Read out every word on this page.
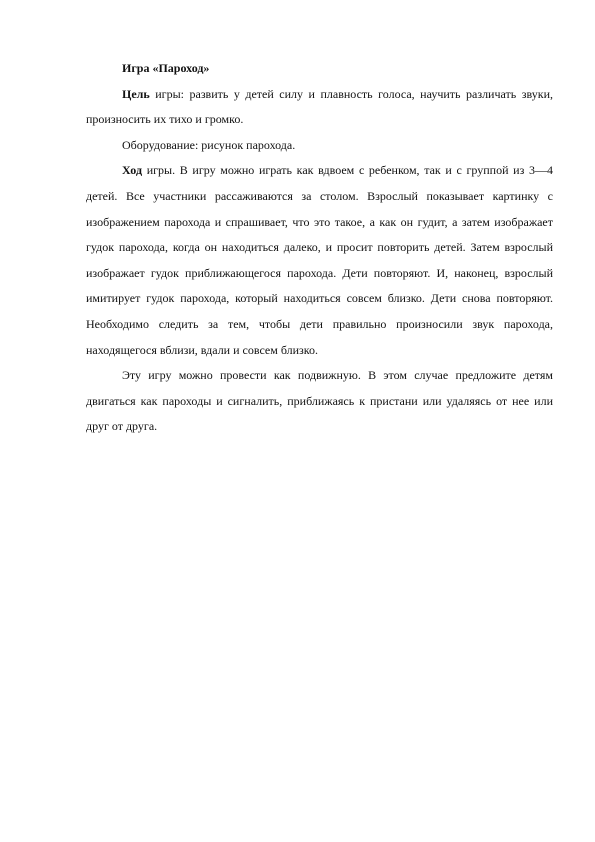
Игра «Пароход»

Цель игры: развить у детей силу и плавность голоса, научить различать звуки, произносить их тихо и громко.

Оборудование: рисунок парохода.

Ход игры. В игру можно играть как вдвоем с ребенком, так и с группой из 3—4 детей. Все участники рассаживаются за столом. Взрослый показывает картинку с изображением парохода и спрашивает, что это такое, а как он гудит, а затем изображает гудок парохода, когда он находиться далеко, и просит повторить детей. Затем взрослый изображает гудок приближающегося парохода. Дети повторяют. И, наконец, взрослый имитирует гудок парохода, который находиться совсем близко. Дети снова повторяют. Необходимо следить за тем, чтобы дети правильно произносили звук парохода, находящегося вблизи, вдали и совсем близко.

Эту игру можно провести как подвижную. В этом случае предложите детям двигаться как пароходы и сигналить, приближаясь к пристани или удаляясь от нее или друг от друга.
